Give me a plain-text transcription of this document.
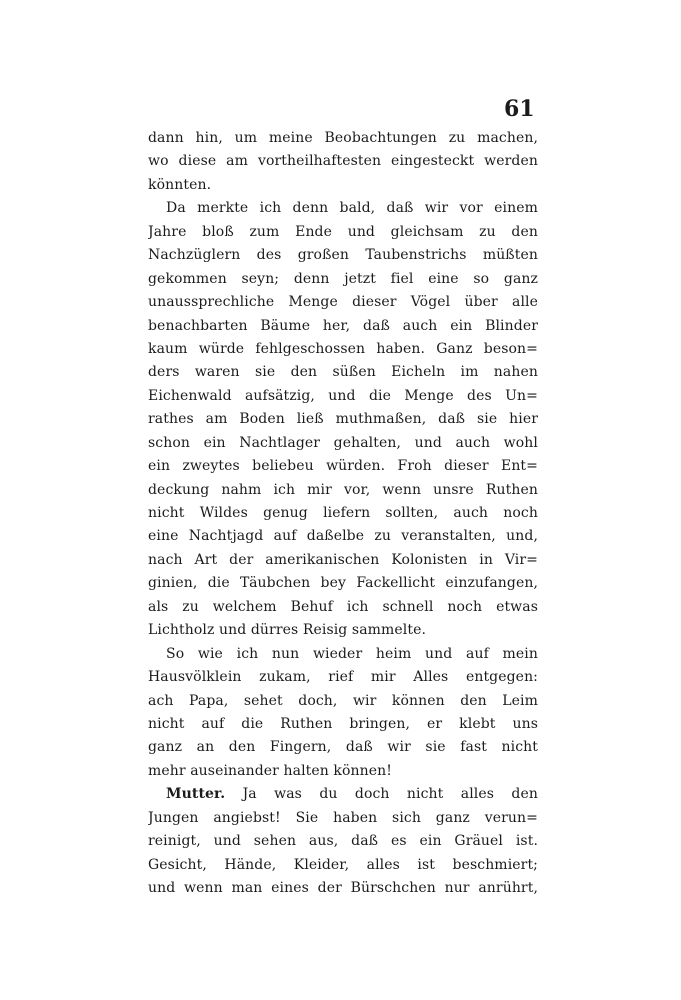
61
dann hin, um meine Beobachtungen zu machen,
wo diese am vortheilhaftesten eingesteckt werden
könnten.
Da merkte ich denn bald, daß wir vor einem
Jahre bloß zum Ende und gleichsam zu den
Nachzüglern des großen Taubenstrichs müßten
gekommen seyn; denn jetzt fiel eine so ganz
unaussprechliche Menge dieser Vögel über alle
benachbarten Bäume her, daß auch ein Blinder
kaum würde fehlgeschossen haben. Ganz beson=
ders waren sie den süßen Eicheln im nahen
Eichenwald aufsätzig, und die Menge des Un=
rathes am Boden ließ muthmaßen, daß sie hier
schon ein Nachtlager gehalten, und auch wohl
ein zweytes beliebeu würden. Froh dieser Ent=
deckung nahm ich mir vor, wenn unsre Ruthen
nicht Wildes genug liefern sollten, auch noch
eine Nachtjagd auf daßelbe zu veranstalten, und,
nach Art der amerikanischen Kolonisten in Vir=
ginien, die Täubchen bey Fackellicht einzufangen,
als zu welchem Behuf ich schnell noch etwas
Lichtholz und dürres Reisig sammelte.
So wie ich nun wieder heim und auf mein
Hausvölklein zukam, rief mir Alles entgegen:
ach Papa, sehet doch, wir können den Leim
nicht auf die Ruthen bringen, er klebt uns
ganz an den Fingern, daß wir sie fast nicht
mehr auseinander halten können!
Mutter. Ja was du doch nicht alles den
Jungen angiebst! Sie haben sich ganz verun=
reinigt, und sehen aus, daß es ein Gräuel ist.
Gesicht, Hände, Kleider, alles ist beschmiert;
und wenn man eines der Bürschchen nur anrührt,
